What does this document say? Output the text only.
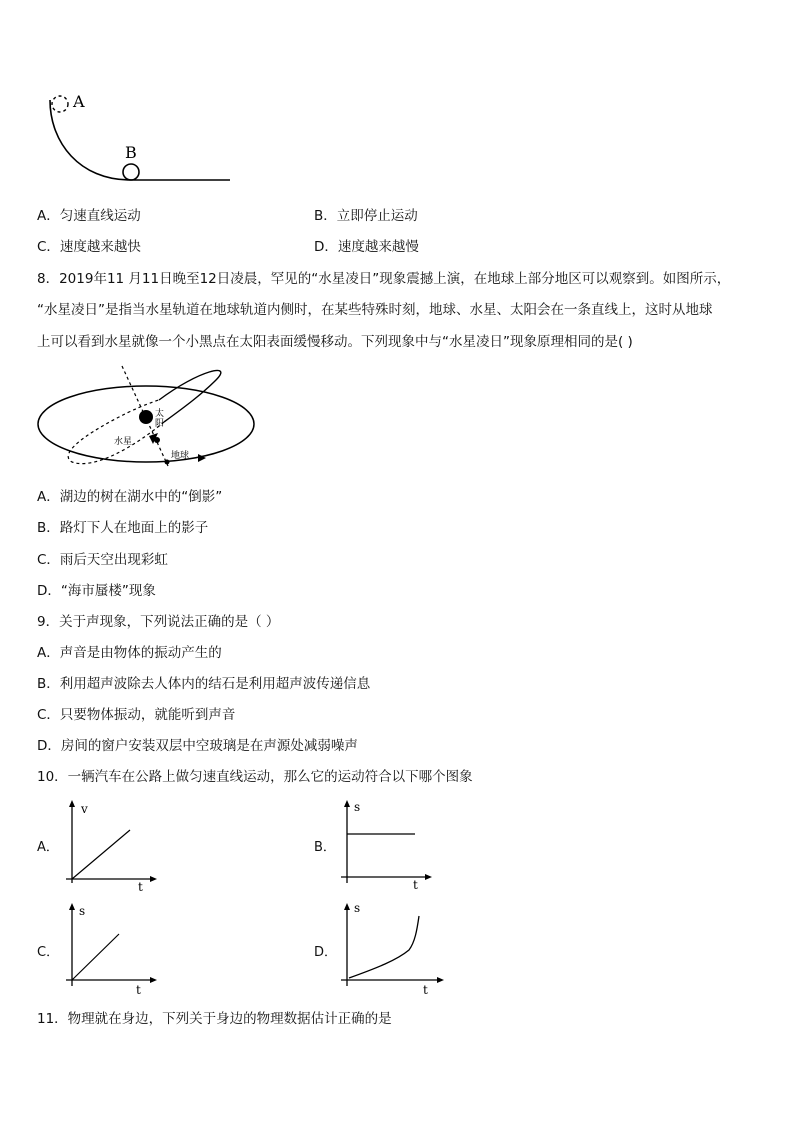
A
B
A．匀速直线运动	B．立即停止运动
C．速度越来越快	D．速度越来越慢
8．2019年11 月11日晚至12日凌晨，罕见的“水星凌日”现象震撼上演，在地球上部分地区可以观察到。如图所示，
“水星凌日”是指当水星轨道在地球轨道内侧时，在某些特殊时刻，地球、水星、太阳会在一条直线上，这时从地球
上可以看到水星就像一个小黑点在太阳表面缓慢移动。下列现象中与“水星凌日”现象原理相同的是( )
太
阳
水星
地球
A．湖边的树在湖水中的“倒影”
B．路灯下人在地面上的影子
C．雨后天空出现彩虹
D．“海市蜃楼”现象
9．关于声现象，下列说法正确的是（ ）
A．声音是由物体的振动产生的
B．利用超声波除去人体内的结石是利用超声波传递信息
C．只要物体振动，就能听到声音
D．房间的窗户安装双层中空玻璃是在声源处减弱噪声
10．一辆汽车在公路上做匀速直线运动，那么它的运动符合以下哪个图象
A．
v
t
B．
s
t
C．
s
t
D．
s
t
11．物理就在身边，下列关于身边的物理数据估计正确的是
